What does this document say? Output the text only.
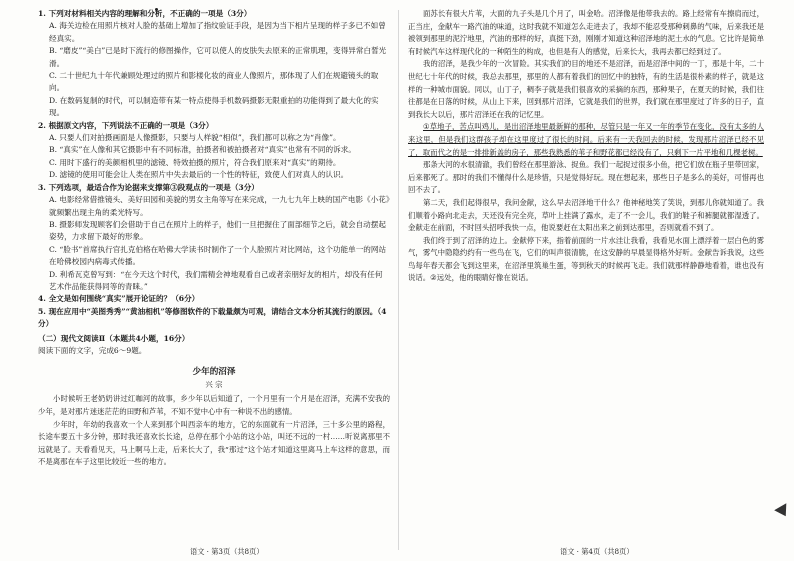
1. 下列对材料相关内容的理解和分析，不正确的一项是（3分）

A. 海关边检在用照片核对人脸的基础上增加了指纹验证手段，是因为当下相片呈现的样子多已不如曾经真实。

B. “磨皮”“美白”已是时下流行的修图操作，它可以使人的皮肤失去原来的正常肌理，变得异常白皙光滑。

C. 二十世纪九十年代兼顾处理过的照片和影楼化妆的商业人像照片，那体现了人们在规避镜头的取向。

D. 在数码复制的时代，可以制造带有某一特点使得手机数码摄影无限重拍的功能得到了最大化的实现。

2. 根据原文内容，下列说法不正确的一项是（3分）

A. 只要人们对拍摄画面是人像摄影，只要与人样貌“相似”，我们都可以称之为“肖像”。

B. “真实”在人像和其它摄影中有不同标准，拍摄者和被拍摄者对“真实”也常有不同的诉求。

C. 用时下盛行的美颜相机里的滤镜、特效拍摄的照片，符合我们原来对“真实”的期待。

D. 滤镜的使用可能会让人类在照片中失去最后的一个性的特征，致使人们对真人的认识。

3. 下列选项，最适合作为论据来支撑第③段观点的一项是（3分）

A. 电影经常借推镜头、美好田园和美貌的男女主角等写在来完成，一九七九年上映的国产电影《小花》就频繁出现主角的柔光特写。

B. 摄影师发现顾客们会借助于自己在照片上的样子，他们一旦把握住了面部细节之后，就会自动摆起姿势，力求留下最好的形象。

C. “脸书”首席执行官扎克伯格在哈佛大学读书时制作了一个人脸照片对比网站，这个功能单一的网站在哈佛校园内病毒式传播。

D. 利希瓦克曾写到：“在今天这个时代，我们需精会神地观看自己或者亲朋好友的相片，却没有任何艺术作品能获得同等的青睐。”

4. 全文是如何围绕“真实”展开论证的？（6分）

5. 现在应用中“美图秀秀”“黄油相机”等修图软件的下载量颇为可观，请结合文本分析其流行的原因。（4分）

（二）现代文阅读Ⅱ（本题共4小题，16分）

阅读下面的文字，完成6～9题。

少年的沼泽

兴 宗

小时候听王老奶奶讲过红咖河的故事，乡少年以后知道了，一个月里有一个月是在沼泽，充满不安我的少年，是对那片迷迷茫茫的田野和芦苇，不知不觉中心中有一种说不出的感情。

少年时，年幼的我喜欢一个人来到那个叫西亲车的地方，它的东面就有一片沼泽，三十多公里的路程，长途车要五十多分钟，那时我还喜欢长长途，总停在那个小站的这小站，叫还不远的一村……听说离那里不远就是了。天看看见天，马上啊马上走，后来长大了，我“那过”这个站才知道这里离马上车这样的意思，而不是离那在车子这里比较近一些的地方。

面苏长有很大片苇，大面的九子头是几个月了，叫金哈。沼泽像是他带我去的。路上经常有车擦肩而过，正当庄，金献车一路汽油的味道，这时我就不知道怎么走进去了，我却不能忍受那种刺鼻的气味，后来我还是被领到那里的泥泞地里，汽油的那样的好，真挺下劲，刚刚才知道这种沼泽地的泥土水的气息。它比许是简单有时候汽车这样现代化的一种陌生的构成，也但是有人的感觉，后来长大，我再去都已经到过了。

我的沼泽，是我少年的一次冒险。其实我们的目的地还不是沼泽，而是沼泽中间的一丁，那是十年，二十世纪七十年代的时候，我总去那里，那里的人都有着我们的回忆中的独特，有的生活是很朴素的样子，就是这样的一种城市面貌。同以，山丁子，稠李子就是我们很喜欢的采摘的东西，那种果子，在夏天的时候，我们往往都是在日落的时候，从山上下来，回到那片沼泽，它就是我们的世界，我们就在那里度过了许多的日子，直到我长大以后，那片沼泽还在我的记忆里。

①草地子，苦点叫鸡儿，是出沼泽地里最新鲜的那种，尽管只是一年又一年的季节在变化，没有太多的人来这里，但是我们这群孩子却在这里度过了很长的时间。后来有一天我回去的时候，发现那片沼泽已经不见了，取而代之的是一排排新盖的房子，那些我熟悉的苇子和野花都已经没有了，只剩下一片平地和几棵老树。

那条大河的水很清澈，我们曾经在那里游泳、捉鱼。我们一起捉过很多小鱼，把它们放在瓶子里带回家，后来都死了。那时的我们不懂得什么是珍惜，只是觉得好玩。现在想起来，那些日子是多么的美好，可惜再也回不去了。

第二天，我们起得很早，我问金献，这么早去沼泽地干什么？他神秘地笑了笑说，到那儿你就知道了。我们顺着小路向北走去，天还没有完全亮，草叶上挂满了露水，走了不一会儿，我们的鞋子和裤腿就都湿透了。金献走在前面，不时回头招呼我快一点，他说要赶在太阳出来之前到达那里，否则就看不到了。

我们终于到了沼泽的边上。金献停下来，指着前面的一片水洼让我看，我看见水面上漂浮着一层白色的雾气，雾气中隐隐约约有一些鸟在飞，它们的叫声很清脆，在这安静的早晨显得格外好听。金献告诉我说，这些鸟每年春天都会飞到这里来，在沼泽里筑巢生蛋，等到秋天的时候再飞走。我们就那样静静地看着，谁也没有说话。②远处，他的眼睛好像在说话。

语文 · 第3页（共8页）	语文 · 第4页（共8页）
